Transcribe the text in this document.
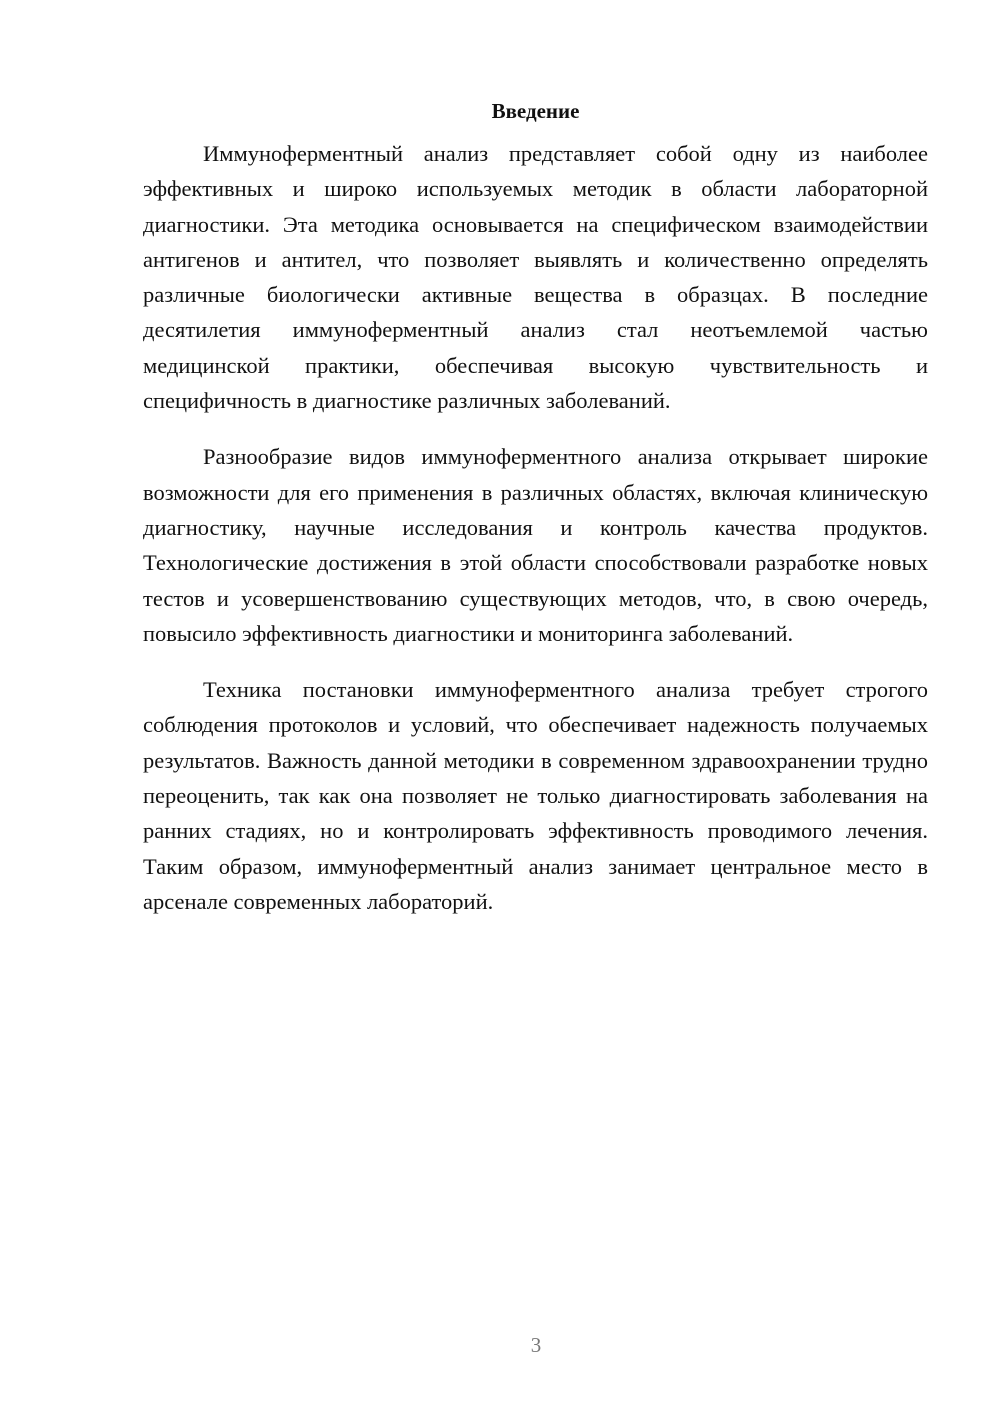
Введение

Иммуноферментный анализ представляет собой одну из наиболее эффективных и широко используемых методик в области лабораторной диагностики. Эта методика основывается на специфическом взаимодействии антигенов и антител, что позволяет выявлять и количественно определять различные биологически активные вещества в образцах. В последние десятилетия иммуноферментный анализ стал неотъемлемой частью медицинской практики, обеспечивая высокую чувствительность и специфичность в диагностике различных заболеваний.

Разнообразие видов иммуноферментного анализа открывает широкие возможности для его применения в различных областях, включая клиническую диагностику, научные исследования и контроль качества продуктов. Технологические достижения в этой области способствовали разработке новых тестов и усовершенствованию существующих методов, что, в свою очередь, повысило эффективность диагностики и мониторинга заболеваний.

Техника постановки иммуноферментного анализа требует строгого соблюдения протоколов и условий, что обеспечивает надежность получаемых результатов. Важность данной методики в современном здравоохранении трудно переоценить, так как она позволяет не только диагностировать заболевания на ранних стадиях, но и контролировать эффективность проводимого лечения. Таким образом, иммуноферментный анализ занимает центральное место в арсенале современных лабораторий.

3
